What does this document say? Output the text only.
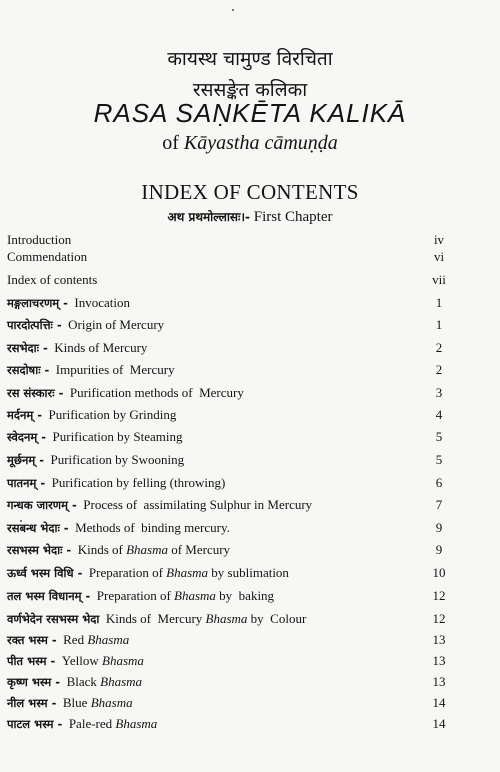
कायस्थ चामुण्ड विरचिता
रससङ्केत कलिका
RASA SAṆKĒTA KALIKĀ
of Kāyastha cāmuṇḍa
INDEX OF CONTENTS
अथ प्रथमोल्लासः।- First Chapter
Introduction	iv
Commendation	vi
Index of contents	vii
मङ्गलाचरणम् - Invocation	1
पारदोत्पत्तिः - Origin of Mercury	1
रसभेदाः - Kinds of Mercury	2
रसदोषाः - Impurities of  Mercury	2
रस संस्कारः - Purification methods of  Mercury	3
मर्दनम् - Purification by Grinding	4
स्वेदनम् - Purification by Steaming	5
मूर्छनम् - Purification by Swooning	5
पातनम् - Purification by felling (throwing)	6
गन्धक जारणम् - Process of  assimilating Sulphur in Mercury	7
रसबन्ध भेदाः - Methods of  binding mercury.	9
रसभस्म भेदाः - Kinds of Bhasma of Mercury	9
ऊर्ध्व भस्म विधि - Preparation of Bhasma by sublimation	10
तल भस्म विधानम् - Preparation of Bhasma by  baking	12
वर्णभेदेन रसभस्म भेदा Kinds of  Mercury Bhasma by  Colour	12
रक्त भस्म - Red Bhasma	13
पीत भस्म - Yellow Bhasma	13
कृष्ण भस्म - Black Bhasma	13
नील भस्म - Blue Bhasma	14
पाटल भस्म - Pale-red Bhasma	14
